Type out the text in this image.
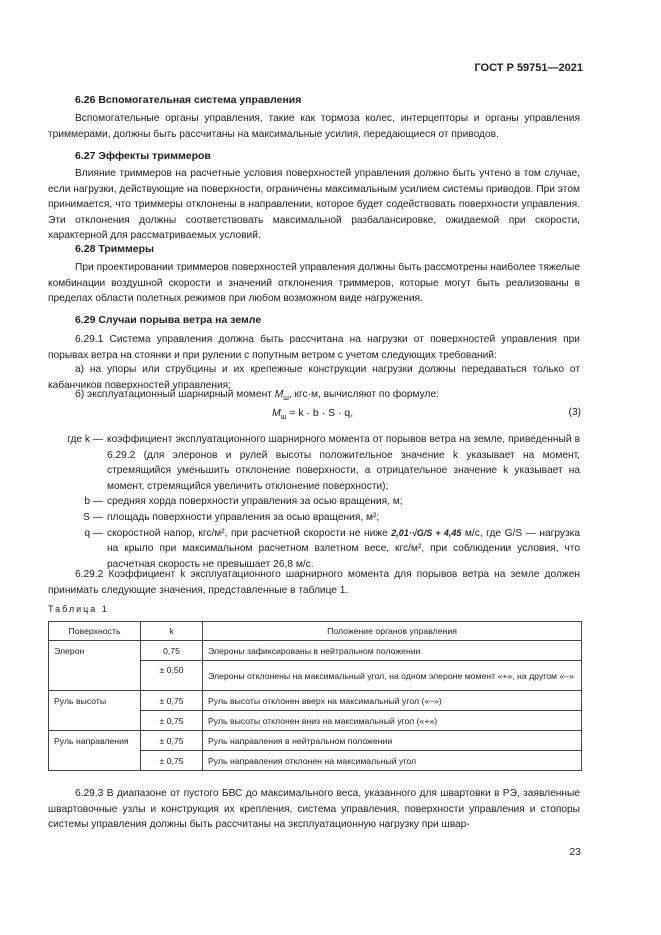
ГОСТ Р 59751—2021
6.26 Вспомогательная система управления
Вспомогательные органы управления, такие как тормоза колес, интерцепторы и органы управления триммерами, должны быть рассчитаны на максимальные усилия, передающиеся от приводов.
6.27 Эффекты триммеров
Влияние триммеров на расчетные условия поверхностей управления должно быть учтено в том случае, если нагрузки, действующие на поверхности, ограничены максимальным усилием системы приводов. При этом принимается, что триммеры отклонены в направлении, которое будет содействовать поверхности управления. Эти отклонения должны соответствовать максимальной разбалансировке, ожидаемой при скорости, характерной для рассматриваемых условий.
6.28 Триммеры
При проектировании триммеров поверхностей управления должны быть рассмотрены наиболее тяжелые комбинации воздушной скорости и значений отклонения триммеров, которые могут быть реализованы в пределах области полетных режимов при любом возможном виде нагружения.
6.29 Случаи порыва ветра на земле
6.29.1 Система управления должна быть рассчитана на нагрузки от поверхностей управления при порывах ветра на стоянки и при рулении с попутным ветром с учетом следующих требований:
а) на упоры или струбцины и их крепежные конструкции нагрузки должны передаваться только от кабанчиков поверхностей управления;
б) эксплуатационный шарнирный момент $M_ш$, кгс·м, вычисляют по формуле:
$M_ш = k \cdot b \cdot S \cdot q$,	(3)
где k — коэффициент эксплуатационного шарнирного момента от порывов ветра на земле, приведенный в 6.29.2 (для элеронов и рулей высоты положительное значение k указывает на момент, стремящийся уменьшить отклонение поверхности, а отрицательное значение k указывает на момент, стремящийся увеличить отклонение поверхности);
b — средняя хорда поверхности управления за осью вращения, м;
S — площадь поверхности управления за осью вращения, м²;
q — скоростной напор, кгс/м², при расчетной скорости не ниже 2,01·√G/S + 4,45 м/с, где G/S — нагрузка на крыло при максимальном расчетном взлетном весе, кгс/м², при соблюдении условия, что расчетная скорость не превышает 26,8 м/с.
6.29.2 Коэффициент k эксплуатационного шарнирного момента для порывов ветра на земле должен принимать следующие значения, представленные в таблице 1.
Таблица 1
Поверхность	k	Положение органов управления
Элерон	0,75	Элероны зафиксированы в нейтральном положении
	± 0,50	Элероны отклонены на максимальный угол, на одном элероне момент «+», на другом «–»
Руль высоты	± 0,75	Руль высоты отклонен вверх на максимальный угол («–»)
	± 0,75	Руль высоты отклонен вниз на максимальный угол («+»)
Руль направления	± 0,75	Руль направления в нейтральном положении
	± 0,75	Руль направления отклонен на максимальный угол
6.29.3 В диапазоне от пустого БВС до максимального веса, указанного для швартовки в РЭ, заявленные швартовочные узлы и конструкция их крепления, система управления, поверхности управления и стопоры системы управления должны быть рассчитаны на эксплуатационную нагрузку при швар-
23
